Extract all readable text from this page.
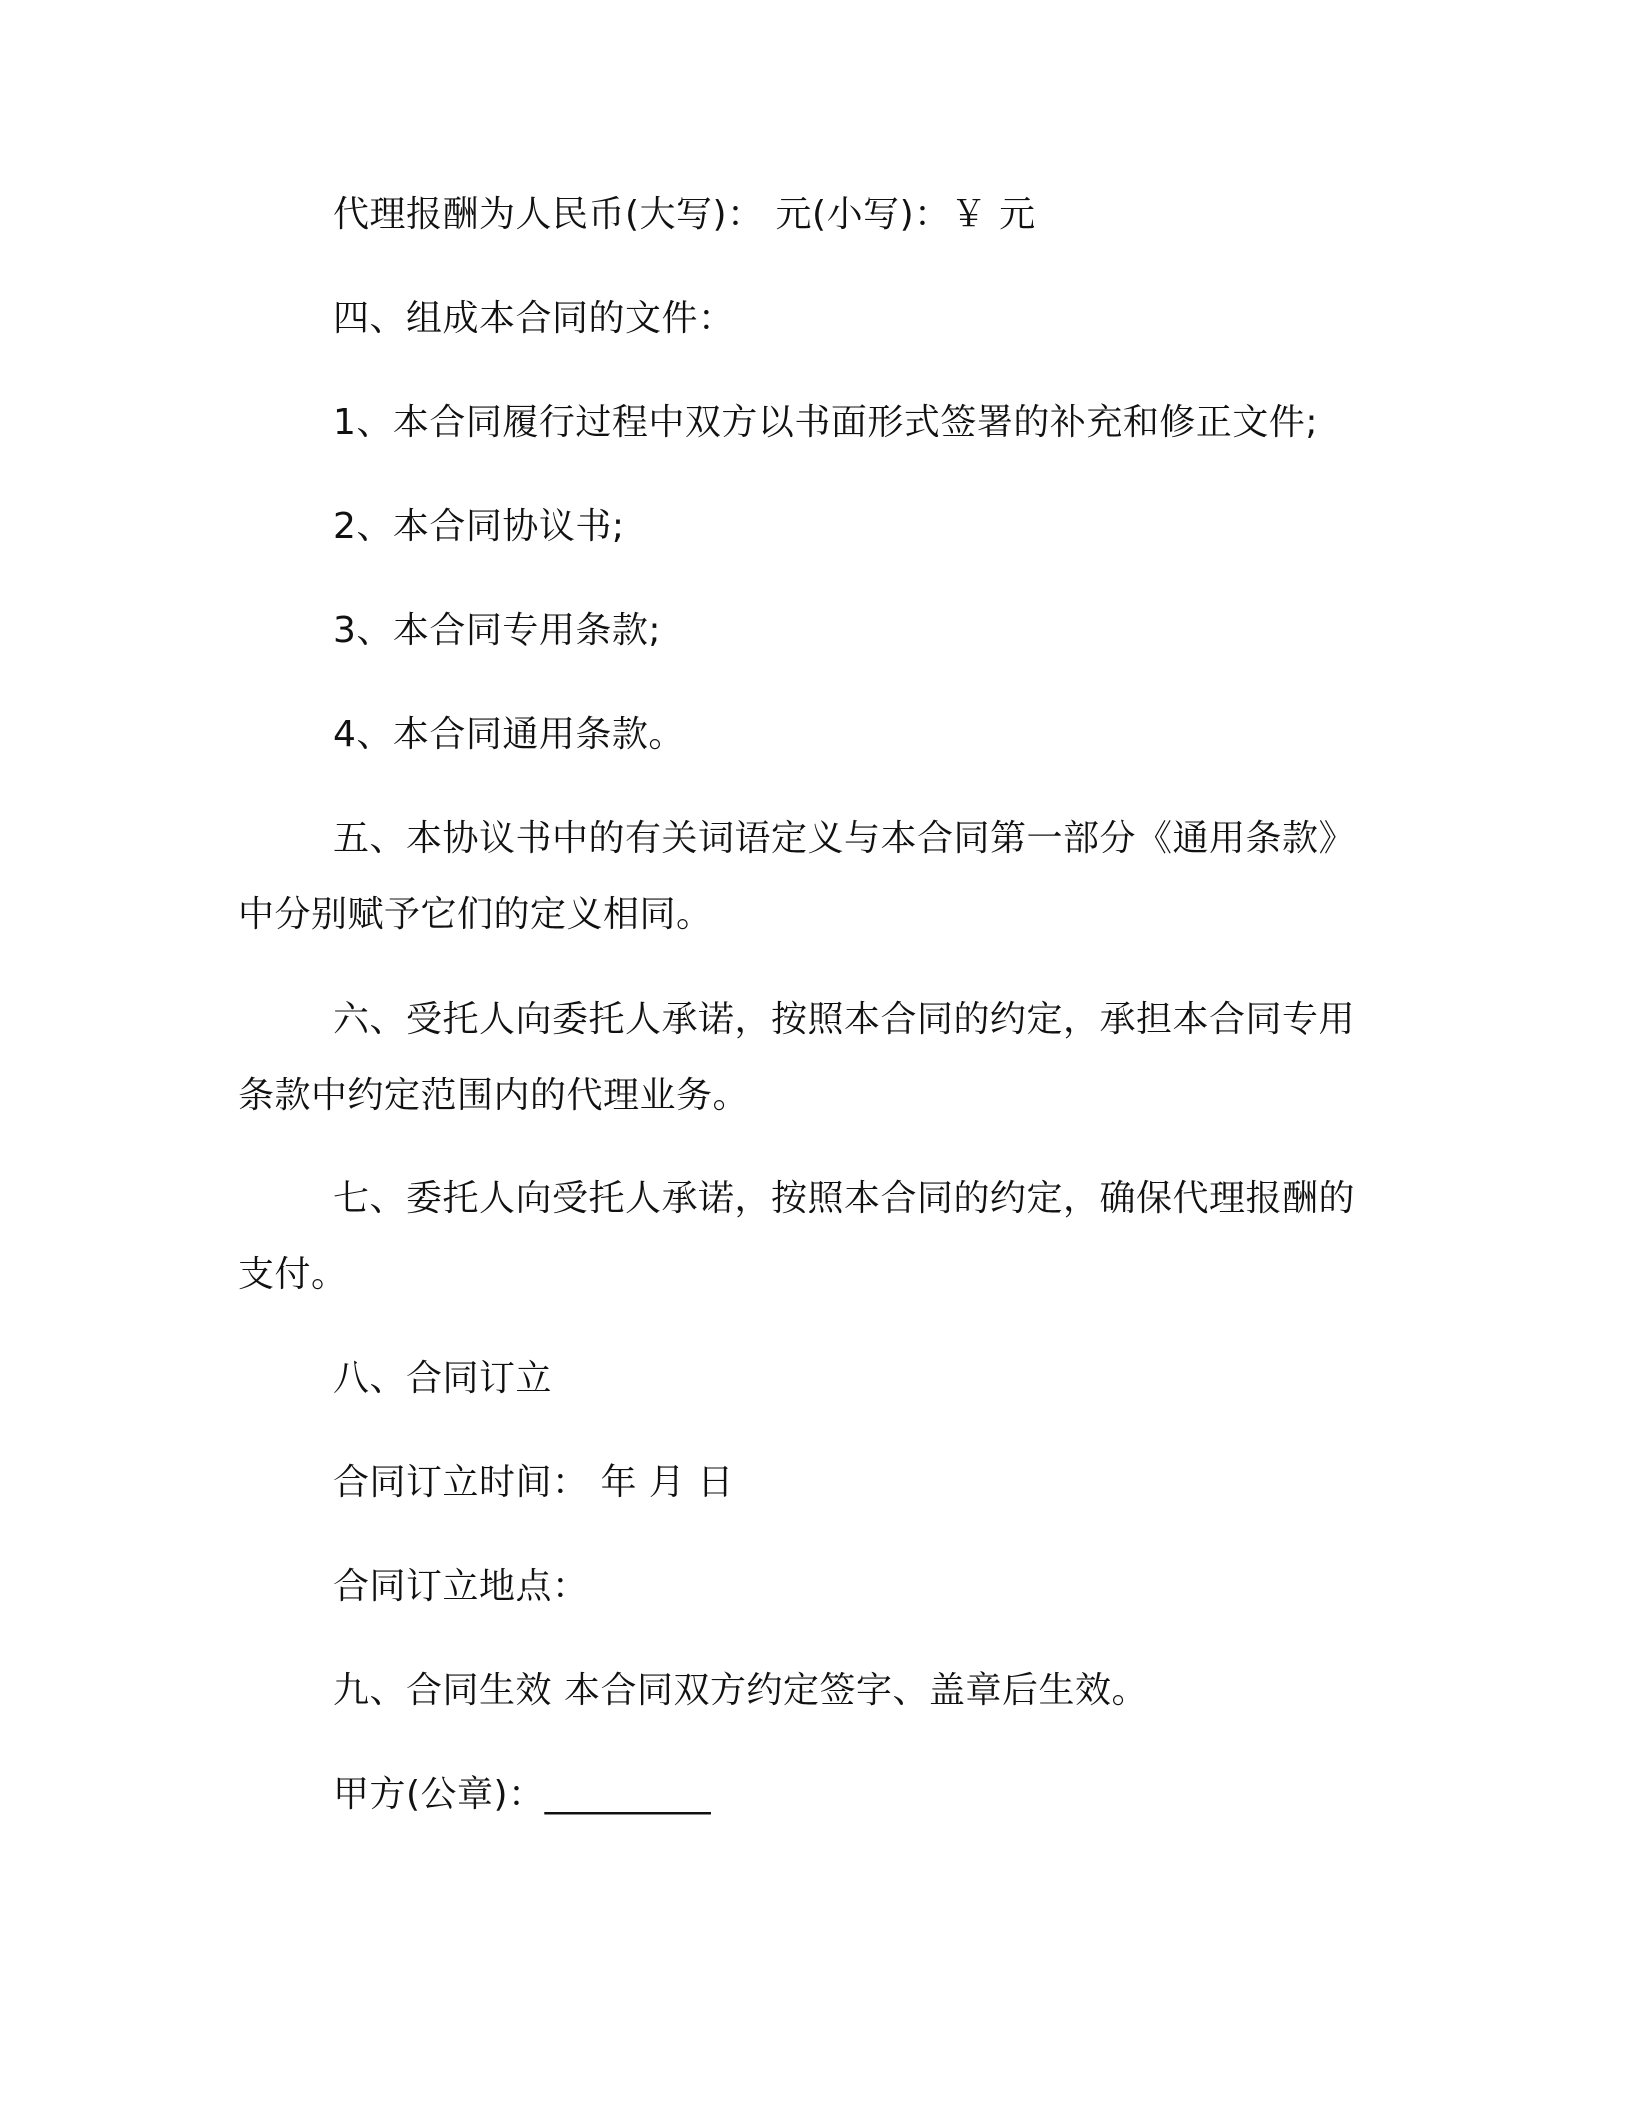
代理报酬为人民币(大写)： 元(小写)：￥ 元
四、组成本合同的文件：
1、本合同履行过程中双方以书面形式签署的补充和修正文件;
2、本合同协议书;
3、本合同专用条款;
4、本合同通用条款。
五、本协议书中的有关词语定义与本合同第一部分《通用条款》
中分别赋予它们的定义相同。
六、受托人向委托人承诺，按照本合同的约定，承担本合同专用
条款中约定范围内的代理业务。
七、委托人向受托人承诺，按照本合同的约定，确保代理报酬的
支付。
八、合同订立
合同订立时间： 年 月 日
合同订立地点：
九、合同生效 本合同双方约定签字、盖章后生效。
甲方(公章)：_________
